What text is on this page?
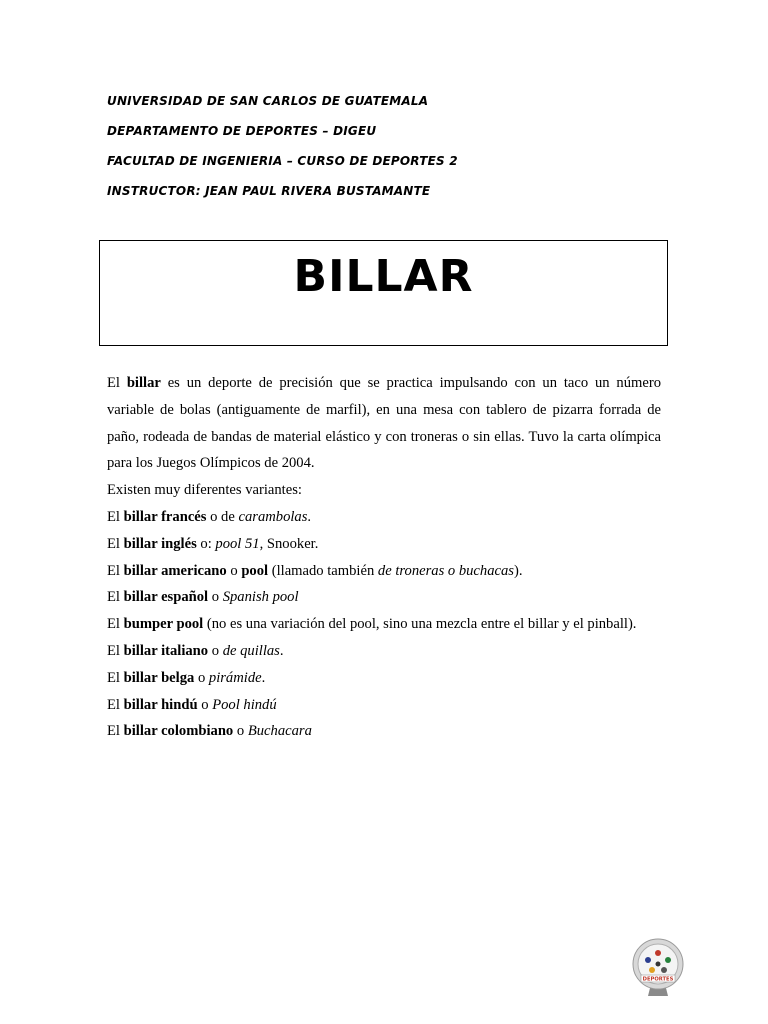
UNIVERSIDAD DE SAN CARLOS DE GUATEMALA
DEPARTAMENTO DE DEPORTES – DIGEU
FACULTAD DE INGENIERIA – CURSO DE DEPORTES 2
INSTRUCTOR: JEAN PAUL RIVERA BUSTAMANTE
BILLAR

El billar es un deporte de precisión que se practica impulsando con un taco un número variable de bolas (antiguamente de marfil), en una mesa con tablero de pizarra forrada de paño, rodeada de bandas de material elástico y con troneras o sin ellas. Tuvo la carta olímpica para los Juegos Olímpicos de 2004.

Existen muy diferentes variantes:

El billar francés o de carambolas.

El billar inglés o: pool 51, Snooker.

El billar americano o pool (llamado también de troneras o buchacas).

El billar español o Spanish pool

El bumper pool (no es una variación del pool, sino una mezcla entre el billar y el pinball).

El billar italiano o de quillas.

El billar belga o pirámide.

El billar hindú o Pool hindú

El billar colombiano o Buchacara

DEPORTES
